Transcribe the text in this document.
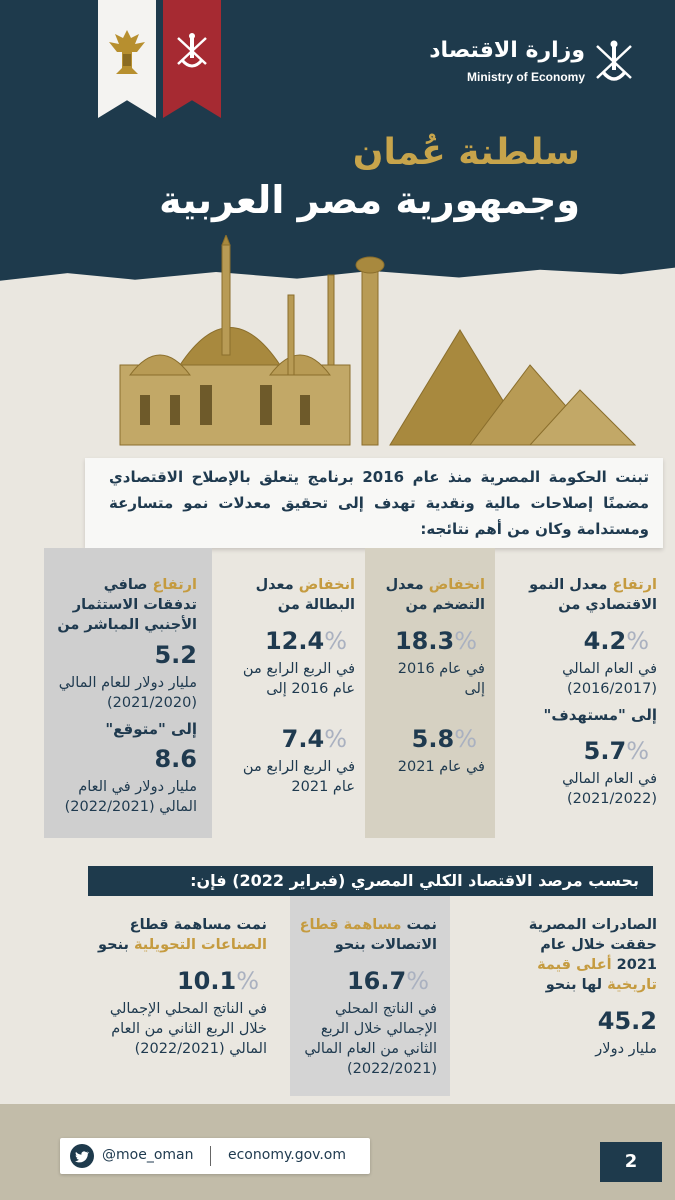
وزارة الاقتصاد
Ministry of Economy
سلطنة عُمان
وجمهورية مصر العربية
تبنت الحكومة المصرية منذ عام 2016 برنامج يتعلق بالإصلاح الاقتصادي مضمنًا إصلاحات مالية ونقدية تهدف إلى تحقيق معدلات نمو متسارعة ومستدامة وكان من أهم نتائجه:
ارتفاع معدل النمو الاقتصادي من
4.2%
في العام المالي (2016/2017)
إلى "مستهدف"
5.7%
في العام المالي (2021/2022)
انخفاض معدل التضخم من
18.3%
في عام 2016 إلى
5.8%
في عام 2021
انخفاض معدل البطالة من
12.4%
في الربع الرابع من عام 2016 إلى
7.4%
في الربع الرابع من عام 2021
ارتفاع صافي تدفقات الاستثمار الأجنبي المباشر من
5.2
مليار دولار للعام المالي (2021/2020)
إلى "متوقع"
8.6
مليار دولار في العام المالي (2022/2021)
بحسب مرصد الاقتصاد الكلي المصري (فبراير 2022) فإن:
الصادرات المصرية حققت خلال عام 2021 أعلى قيمة تاريخية لها بنحو
45.2
مليار دولار
نمت مساهمة قطاع الاتصالات بنحو
16.7%
في الناتج المحلي الإجمالي خلال الربع الثاني من العام المالي (2022/2021)
نمت مساهمة قطاع الصناعات التحويلية بنحو
10.1%
في الناتج المحلي الإجمالي خلال الربع الثاني من العام المالي (2022/2021)
@moe_oman economy.gov.om	2
